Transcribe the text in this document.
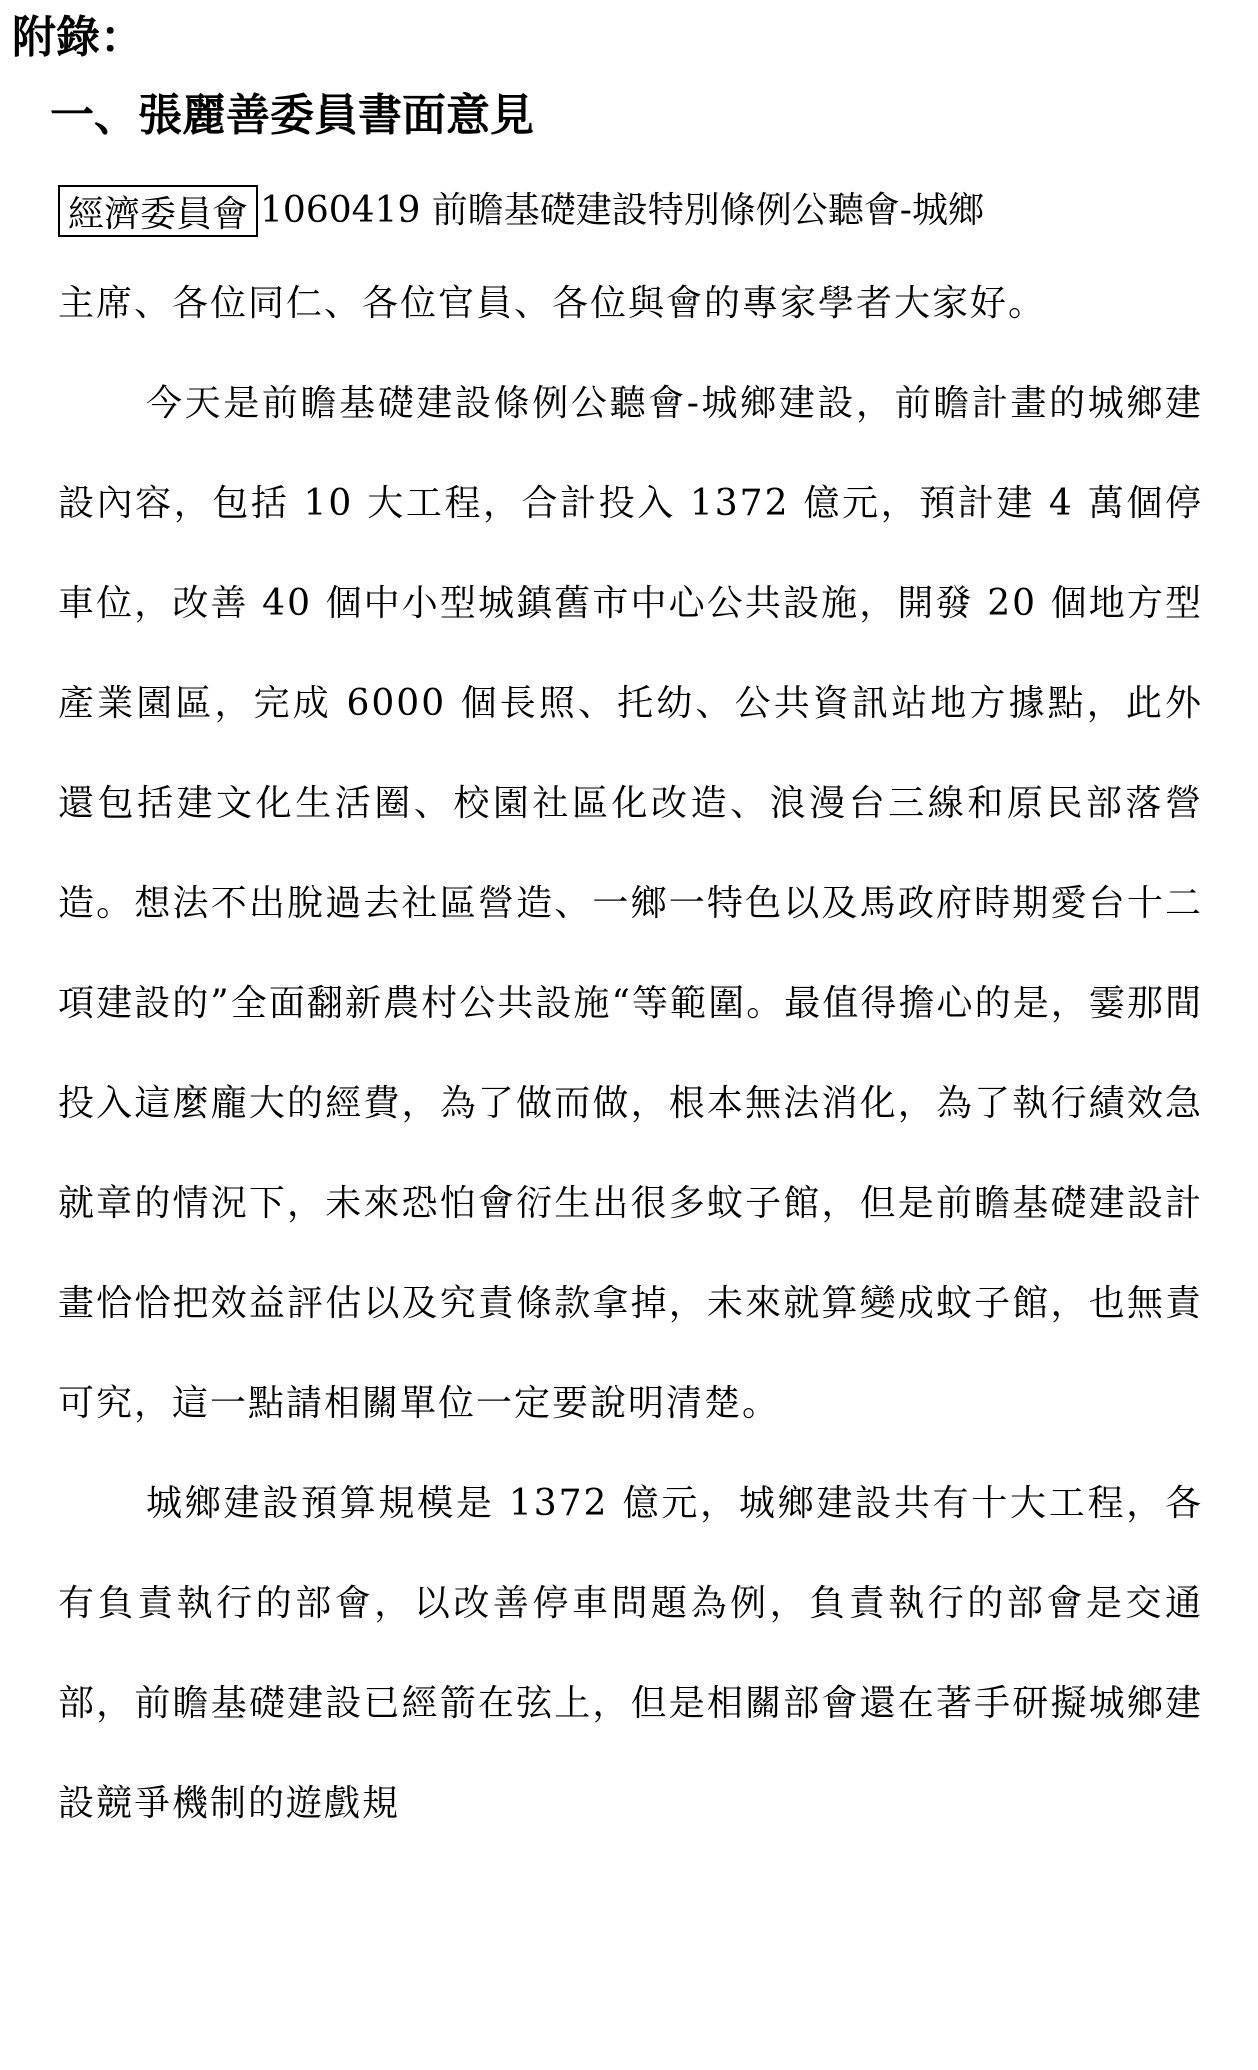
附錄：
一、張麗善委員書面意見
經濟委員會 1060419 前瞻基礎建設特別條例公聽會-城鄉

主席、各位同仁、各位官員、各位與會的專家學者大家好。

今天是前瞻基礎建設條例公聽會-城鄉建設，前瞻計畫的城鄉建設內容，包括 10 大工程，合計投入 1372 億元，預計建 4 萬個停車位，改善 40 個中小型城鎮舊市中心公共設施，開發 20 個地方型產業園區，完成 6000 個長照、托幼、公共資訊站地方據點，此外還包括建文化生活圈、校園社區化改造、浪漫台三線和原民部落營造。想法不出脫過去社區營造、一鄉一特色以及馬政府時期愛台十二項建設的”全面翻新農村公共設施“等範圍。最值得擔心的是，霎那間投入這麼龐大的經費，為了做而做，根本無法消化，為了執行績效急就章的情況下，未來恐怕會衍生出很多蚊子館，但是前瞻基礎建設計畫恰恰把效益評估以及究責條款拿掉，未來就算變成蚊子館，也無責可究，這一點請相關單位一定要說明清楚。

城鄉建設預算規模是 1372 億元，城鄉建設共有十大工程，各有負責執行的部會，以改善停車問題為例，負責執行的部會是交通部，前瞻基礎建設已經箭在弦上，但是相關部會還在著手研擬城鄉建設競爭機制的遊戲規
